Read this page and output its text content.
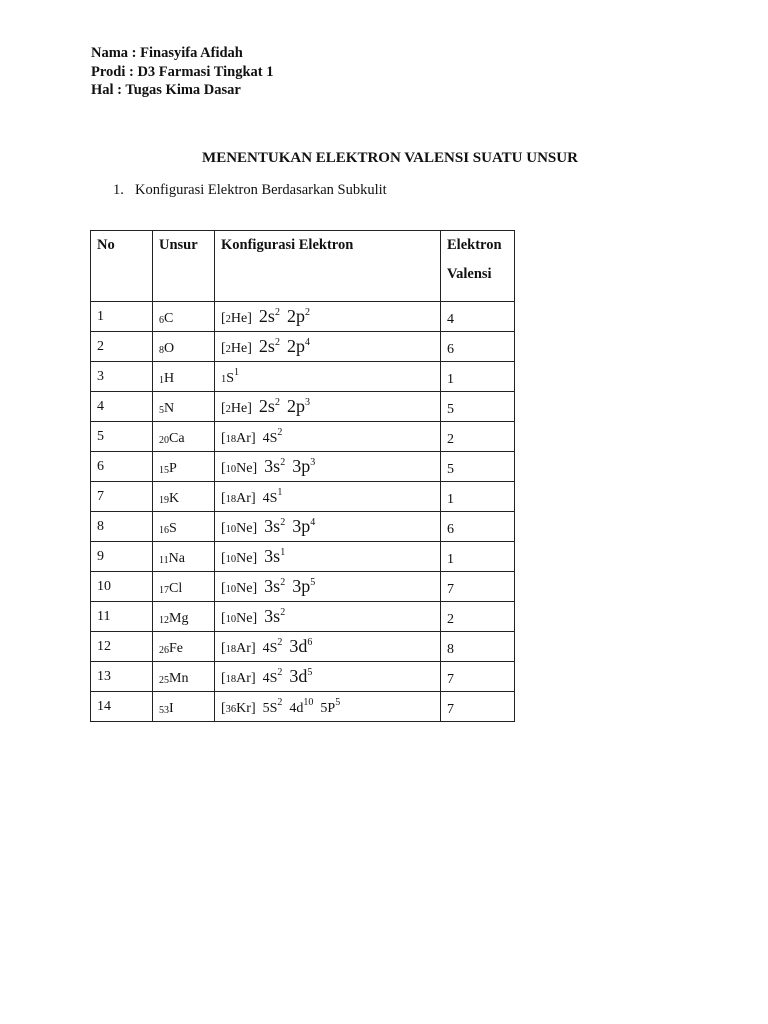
Nama : Finasyifa Afidah
Prodi : D3 Farmasi Tingkat 1
Hal : Tugas Kima Dasar
MENENTUKAN ELEKTRON VALENSI SUATU UNSUR
1. Konfigurasi Elektron Berdasarkan Subkulit
No	Unsur	Konfigurasi Elektron	Elektron
Valensi

1	6C	[2He]  $2s^2$ $2p^2$	4
2	8O	[2He]  $2s^2$ $2p^4$	6
3	1H	$1S^1$	1
4	5N	[2He]  $2s^2$ $2p^3$	5
5	20Ca	[18Ar]  $4S^2$	2
6	15P	[10Ne]  $3s^2$ $3p^3$	5
7	19K	[18Ar]  $4S^1$	1
8	16S	[10Ne]  $3s^2$ $3p^4$	6
9	11Na	[10Ne]  $3s^1$	1
10	17Cl	[10Ne]  $3s^2$ $3p^5$	7
11	12Mg	[10Ne]  $3s^2$	2
12	26Fe	[18Ar]  $4S^2$ $3d^6$	8
13	25Mn	[18Ar]  $4S^2$ $3d^5$	7
14	53I	[36Kr]  $5S^2$ $4d^{10}$ $5P^5$	7
